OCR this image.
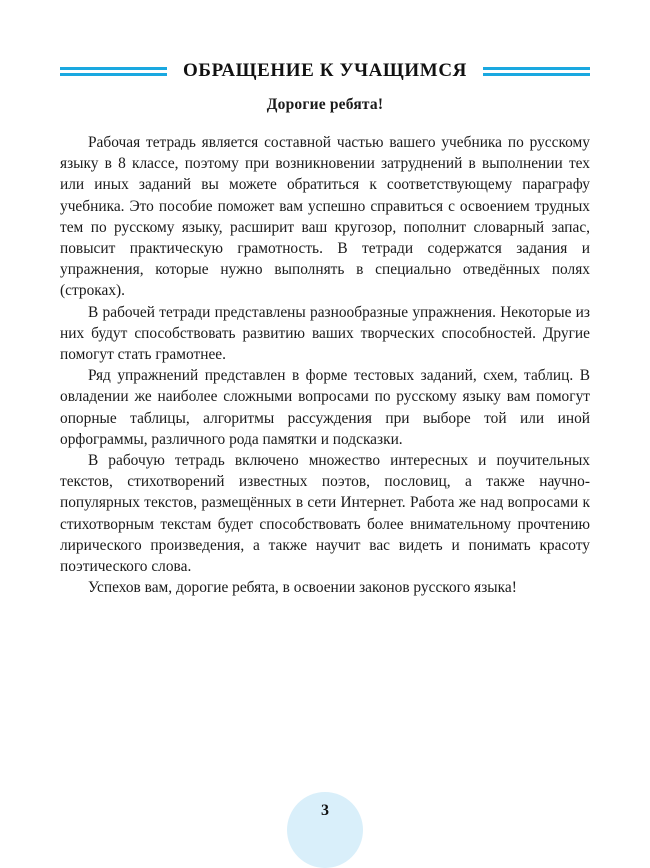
ОБРАЩЕНИЕ К УЧАЩИМСЯ

Дорогие ребята!

Рабочая тетрадь является составной частью вашего учебника по русскому языку в 8 классе, поэтому при возникновении затруднений в выполнении тех или иных заданий вы можете обратиться к соответствующему параграфу учебника. Это пособие поможет вам успешно справиться с освоением трудных тем по русскому языку, расширит ваш кругозор, пополнит словарный запас, повысит практическую грамотность. В тетради содержатся задания и упражнения, которые нужно выполнять в специально отведённых полях (строках).

В рабочей тетради представлены разнообразные упражнения. Некоторые из них будут способствовать развитию ваших творческих способностей. Другие помогут стать грамотнее.

Ряд упражнений представлен в форме тестовых заданий, схем, таблиц. В овладении же наиболее сложными вопросами по русскому языку вам помогут опорные таблицы, алгоритмы рассуждения при выборе той или иной орфограммы, различного рода памятки и подсказки.

В рабочую тетрадь включено множество интересных и поучительных текстов, стихотворений известных поэтов, пословиц, а также научно-популярных текстов, размещённых в сети Интернет. Работа же над вопросами к стихотворным текстам будет способствовать более внимательному прочтению лирического произведения, а также научит вас видеть и понимать красоту поэтического слова.

Успехов вам, дорогие ребята, в освоении законов русского языка!

3
